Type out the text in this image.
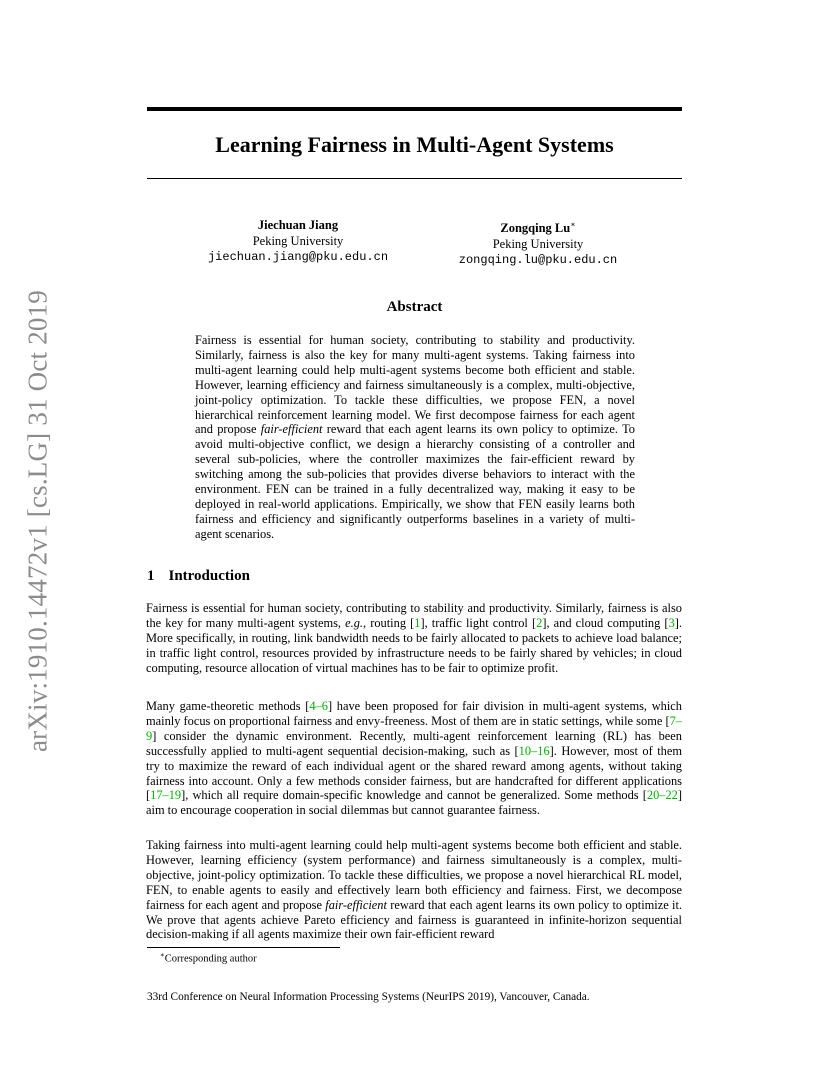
arXiv:1910.14472v1 [cs.LG] 31 Oct 2019
Learning Fairness in Multi-Agent Systems
Jiechuan Jiang
Peking University
jiechuan.jiang@pku.edu.cn
Zongqing Lu∗
Peking University
zongqing.lu@pku.edu.cn
Abstract

Fairness is essential for human society, contributing to stability and productivity. Similarly, fairness is also the key for many multi-agent systems. Taking fairness into multi-agent learning could help multi-agent systems become both efficient and stable. However, learning efficiency and fairness simultaneously is a complex, multi-objective, joint-policy optimization. To tackle these difficulties, we propose FEN, a novel hierarchical reinforcement learning model. We first decompose fairness for each agent and propose fair-efficient reward that each agent learns its own policy to optimize. To avoid multi-objective conflict, we design a hierarchy consisting of a controller and several sub-policies, where the controller maximizes the fair-efficient reward by switching among the sub-policies that provides diverse behaviors to interact with the environment. FEN can be trained in a fully decentralized way, making it easy to be deployed in real-world applications. Empirically, we show that FEN easily learns both fairness and efficiency and significantly outperforms baselines in a variety of multi-agent scenarios.

1 Introduction

Fairness is essential for human society, contributing to stability and productivity. Similarly, fairness is also the key for many multi-agent systems, e.g., routing [1], traffic light control [2], and cloud computing [3]. More specifically, in routing, link bandwidth needs to be fairly allocated to packets to achieve load balance; in traffic light control, resources provided by infrastructure needs to be fairly shared by vehicles; in cloud computing, resource allocation of virtual machines has to be fair to optimize profit.

Many game-theoretic methods [4–6] have been proposed for fair division in multi-agent systems, which mainly focus on proportional fairness and envy-freeness. Most of them are in static settings, while some [7–9] consider the dynamic environment. Recently, multi-agent reinforcement learning (RL) has been successfully applied to multi-agent sequential decision-making, such as [10–16]. However, most of them try to maximize the reward of each individual agent or the shared reward among agents, without taking fairness into account. Only a few methods consider fairness, but are handcrafted for different applications [17–19], which all require domain-specific knowledge and cannot be generalized. Some methods [20–22] aim to encourage cooperation in social dilemmas but cannot guarantee fairness.

Taking fairness into multi-agent learning could help multi-agent systems become both efficient and stable. However, learning efficiency (system performance) and fairness simultaneously is a complex, multi-objective, joint-policy optimization. To tackle these difficulties, we propose a novel hierarchical RL model, FEN, to enable agents to easily and effectively learn both efficiency and fairness. First, we decompose fairness for each agent and propose fair-efficient reward that each agent learns its own policy to optimize it. We prove that agents achieve Pareto efficiency and fairness is guaranteed in infinite-horizon sequential decision-making if all agents maximize their own fair-efficient reward

∗Corresponding author

33rd Conference on Neural Information Processing Systems (NeurIPS 2019), Vancouver, Canada.
